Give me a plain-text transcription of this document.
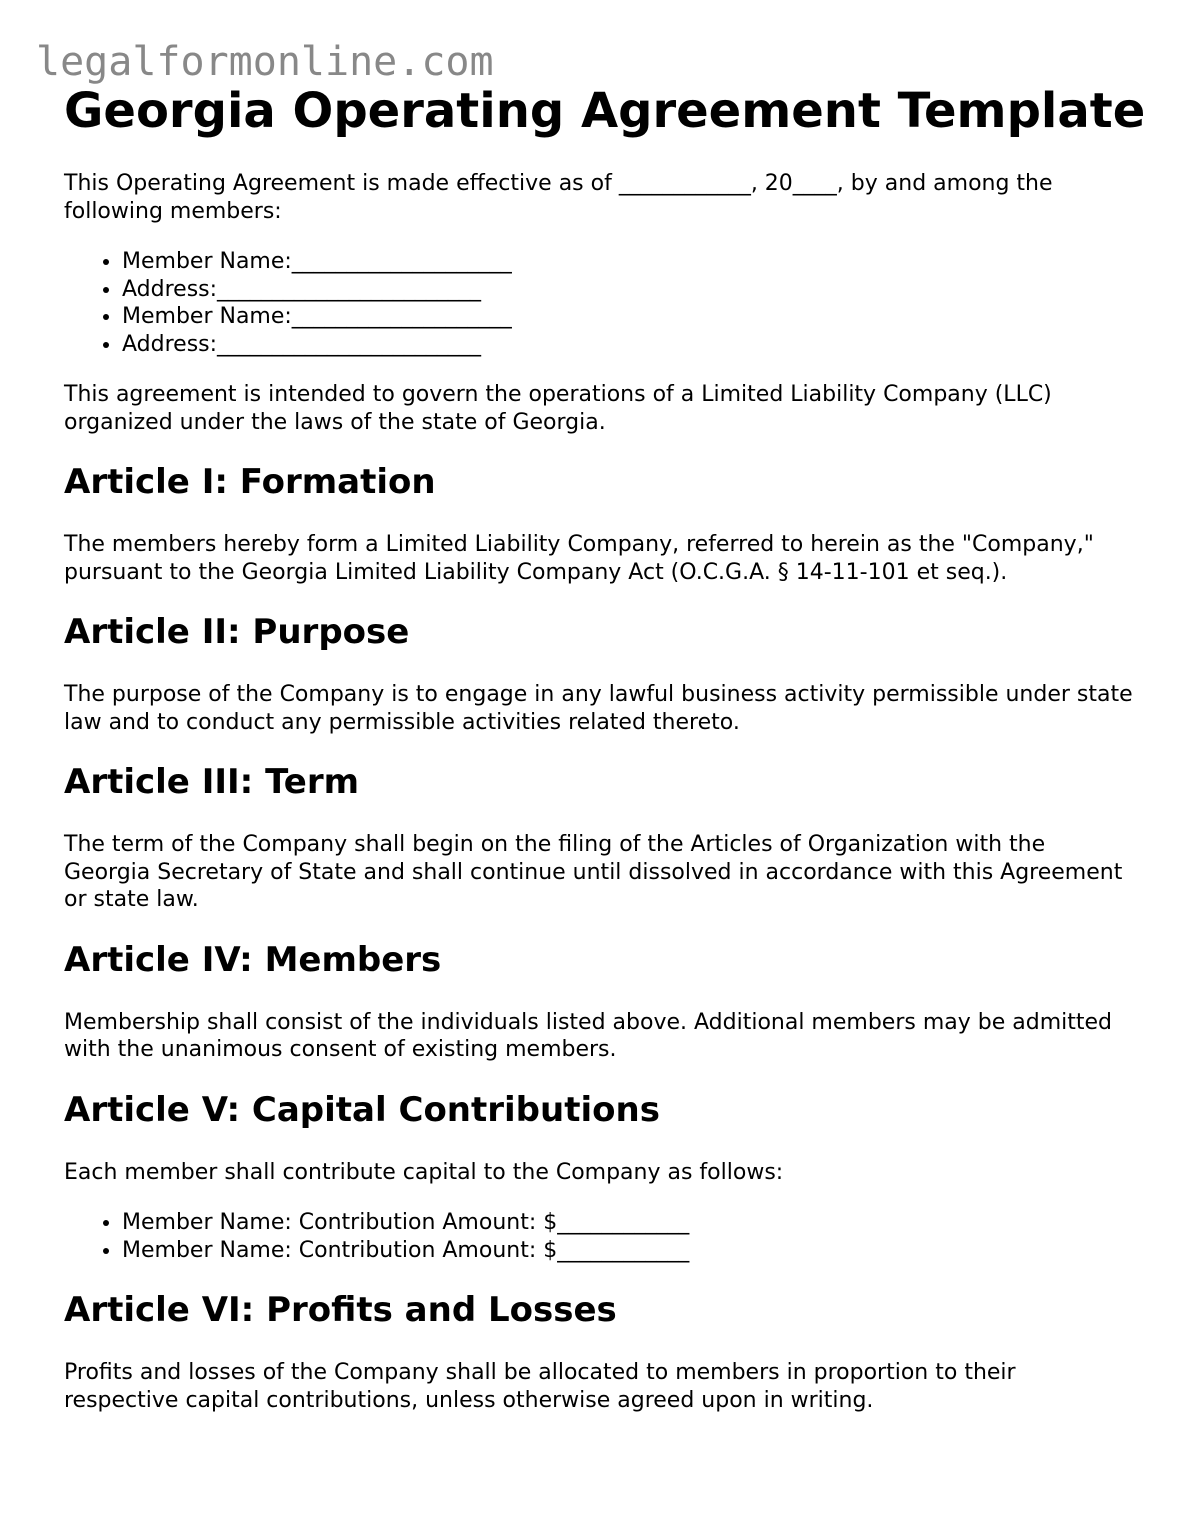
legalformonline.com
Georgia Operating Agreement Template

This Operating Agreement is made effective as of ____________, 20____, by and among the following members:

• Member Name:____________________
• Address:________________________
• Member Name:____________________
• Address:________________________

This agreement is intended to govern the operations of a Limited Liability Company (LLC) organized under the laws of the state of Georgia.

Article I: Formation

The members hereby form a Limited Liability Company, referred to herein as the "Company," pursuant to the Georgia Limited Liability Company Act (O.C.G.A. § 14-11-101 et seq.).

Article II: Purpose

The purpose of the Company is to engage in any lawful business activity permissible under state law and to conduct any permissible activities related thereto.

Article III: Term

The term of the Company shall begin on the filing of the Articles of Organization with the Georgia Secretary of State and shall continue until dissolved in accordance with this Agreement or state law.

Article IV: Members

Membership shall consist of the individuals listed above. Additional members may be admitted with the unanimous consent of existing members.

Article V: Capital Contributions

Each member shall contribute capital to the Company as follows:

• Member Name: Contribution Amount: $____________
• Member Name: Contribution Amount: $____________
Article VI: Profits and Losses

Profits and losses of the Company shall be allocated to members in proportion to their respective capital contributions, unless otherwise agreed upon in writing.
